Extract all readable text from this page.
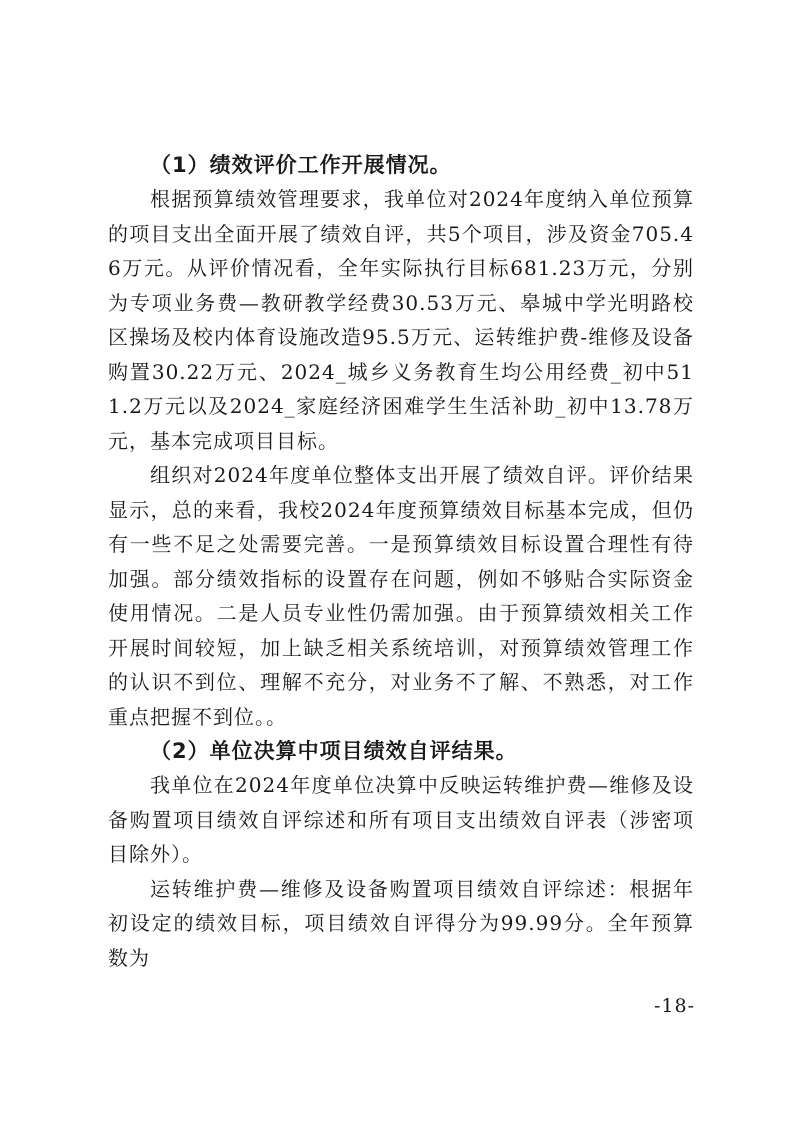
（1）绩效评价工作开展情况。

根据预算绩效管理要求，我单位对2024年度纳入单位预算的项目支出全面开展了绩效自评，共5个项目，涉及资金705.46万元。从评价情况看，全年实际执行目标681.23万元，分别为专项业务费—教研教学经费30.53万元、皋城中学光明路校区操场及校内体育设施改造95.5万元、运转维护费-维修及设备购置30.22万元、2024_城乡义务教育生均公用经费_初中511.2万元以及2024_家庭经济困难学生生活补助_初中13.78万元，基本完成项目目标。

组织对2024年度单位整体支出开展了绩效自评。评价结果显示，总的来看，我校2024年度预算绩效目标基本完成，但仍有一些不足之处需要完善。一是预算绩效目标设置合理性有待加强。部分绩效指标的设置存在问题，例如不够贴合实际资金使用情况。二是人员专业性仍需加强。由于预算绩效相关工作开展时间较短，加上缺乏相关系统培训，对预算绩效管理工作的认识不到位、理解不充分，对业务不了解、不熟悉，对工作重点把握不到位。。

（2）单位决算中项目绩效自评结果。

我单位在2024年度单位决算中反映运转维护费—维修及设备购置项目绩效自评综述和所有项目支出绩效自评表（涉密项目除外）。

运转维护费—维修及设备购置项目绩效自评综述：根据年初设定的绩效目标，项目绩效自评得分为99.99分。全年预算数为

-18-
